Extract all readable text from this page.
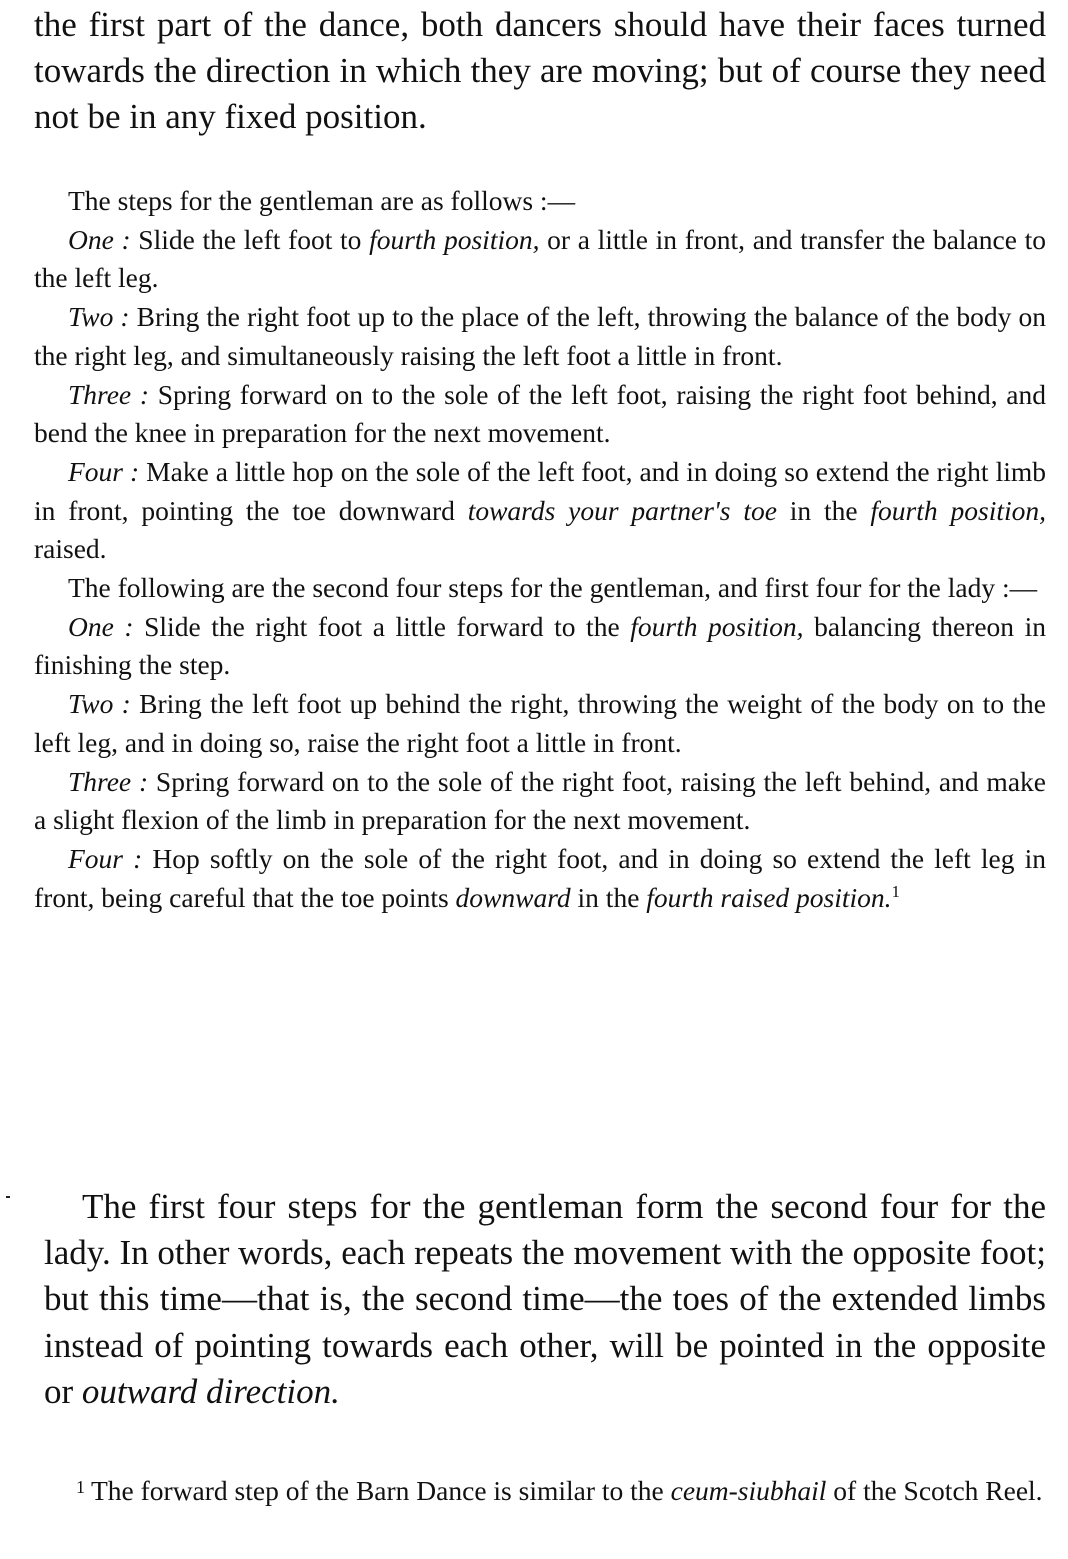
the first part of the dance, both dancers should have their faces turned towards the direction in which they are moving; but of course they need not be in any fixed position.

The steps for the gentleman are as follows :—

One : Slide the left foot to fourth position, or a little in front, and transfer the balance to the left leg.

Two : Bring the right foot up to the place of the left, throwing the balance of the body on the right leg, and simultaneously raising the left foot a little in front.

Three : Spring forward on to the sole of the left foot, raising the right foot behind, and bend the knee in preparation for the next movement.

Four : Make a little hop on the sole of the left foot, and in doing so extend the right limb in front, pointing the toe downward towards your partner's toe in the fourth position, raised.

The following are the second four steps for the gentleman, and first four for the lady :—

One : Slide the right foot a little forward to the fourth position, balancing thereon in finishing the step.

Two : Bring the left foot up behind the right, throwing the weight of the body on to the left leg, and in doing so, raise the right foot a little in front.

Three : Spring forward on to the sole of the right foot, raising the left behind, and make a slight flexion of the limb in preparation for the next movement.

Four : Hop softly on the sole of the right foot, and in doing so extend the left leg in front, being careful that the toe points downward in the fourth raised position.$^1$

The first four steps for the gentleman form the second four for the lady. In other words, each repeats the movement with the opposite foot; but this time—that is, the second time—the toes of the extended limbs instead of pointing towards each other, will be pointed in the opposite or outward direction.

$^1$ The forward step of the Barn Dance is similar to the ceum-siubhail of the Scotch Reel.
